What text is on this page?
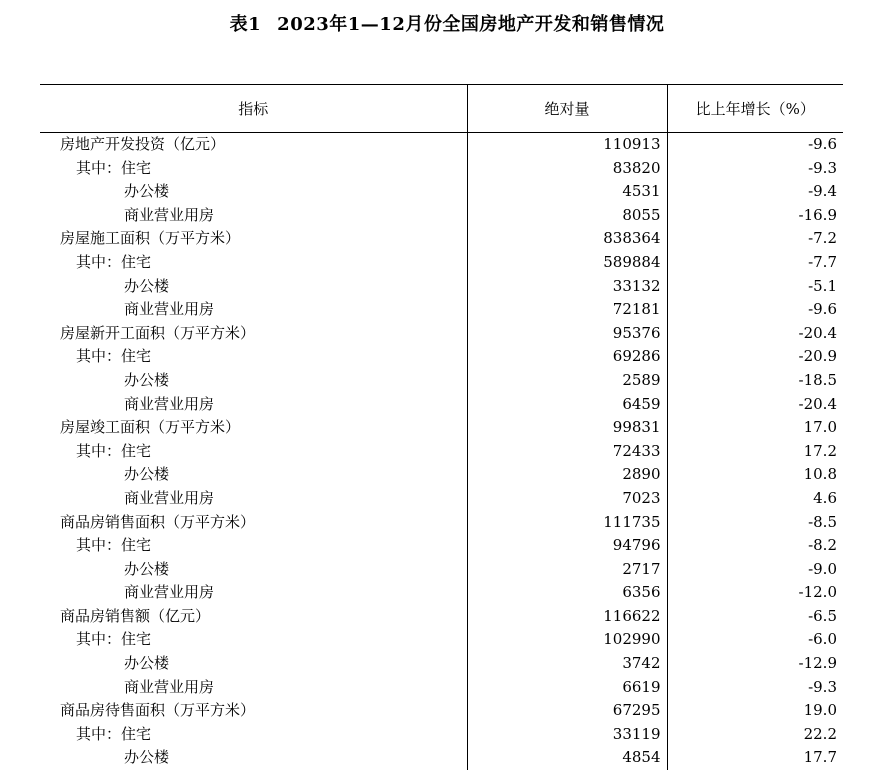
表1 2023年1—12月份全国房地产开发和销售情况
指标	绝对量	比上年增长（%）
房地产开发投资（亿元）	110913	-9.6
其中：住宅	83820	-9.3
办公楼	4531	-9.4
商业营业用房	8055	-16.9
房屋施工面积（万平方米）	838364	-7.2
其中：住宅	589884	-7.7
办公楼	33132	-5.1
商业营业用房	72181	-9.6
房屋新开工面积（万平方米）	95376	-20.4
其中：住宅	69286	-20.9
办公楼	2589	-18.5
商业营业用房	6459	-20.4
房屋竣工面积（万平方米）	99831	17.0
其中：住宅	72433	17.2
办公楼	2890	10.8
商业营业用房	7023	4.6
商品房销售面积（万平方米）	111735	-8.5
其中：住宅	94796	-8.2
办公楼	2717	-9.0
商业营业用房	6356	-12.0
商品房销售额（亿元）	116622	-6.5
其中：住宅	102990	-6.0
办公楼	3742	-12.9
商业营业用房	6619	-9.3
商品房待售面积（万平方米）	67295	19.0
其中：住宅	33119	22.2
办公楼	4854	17.7
